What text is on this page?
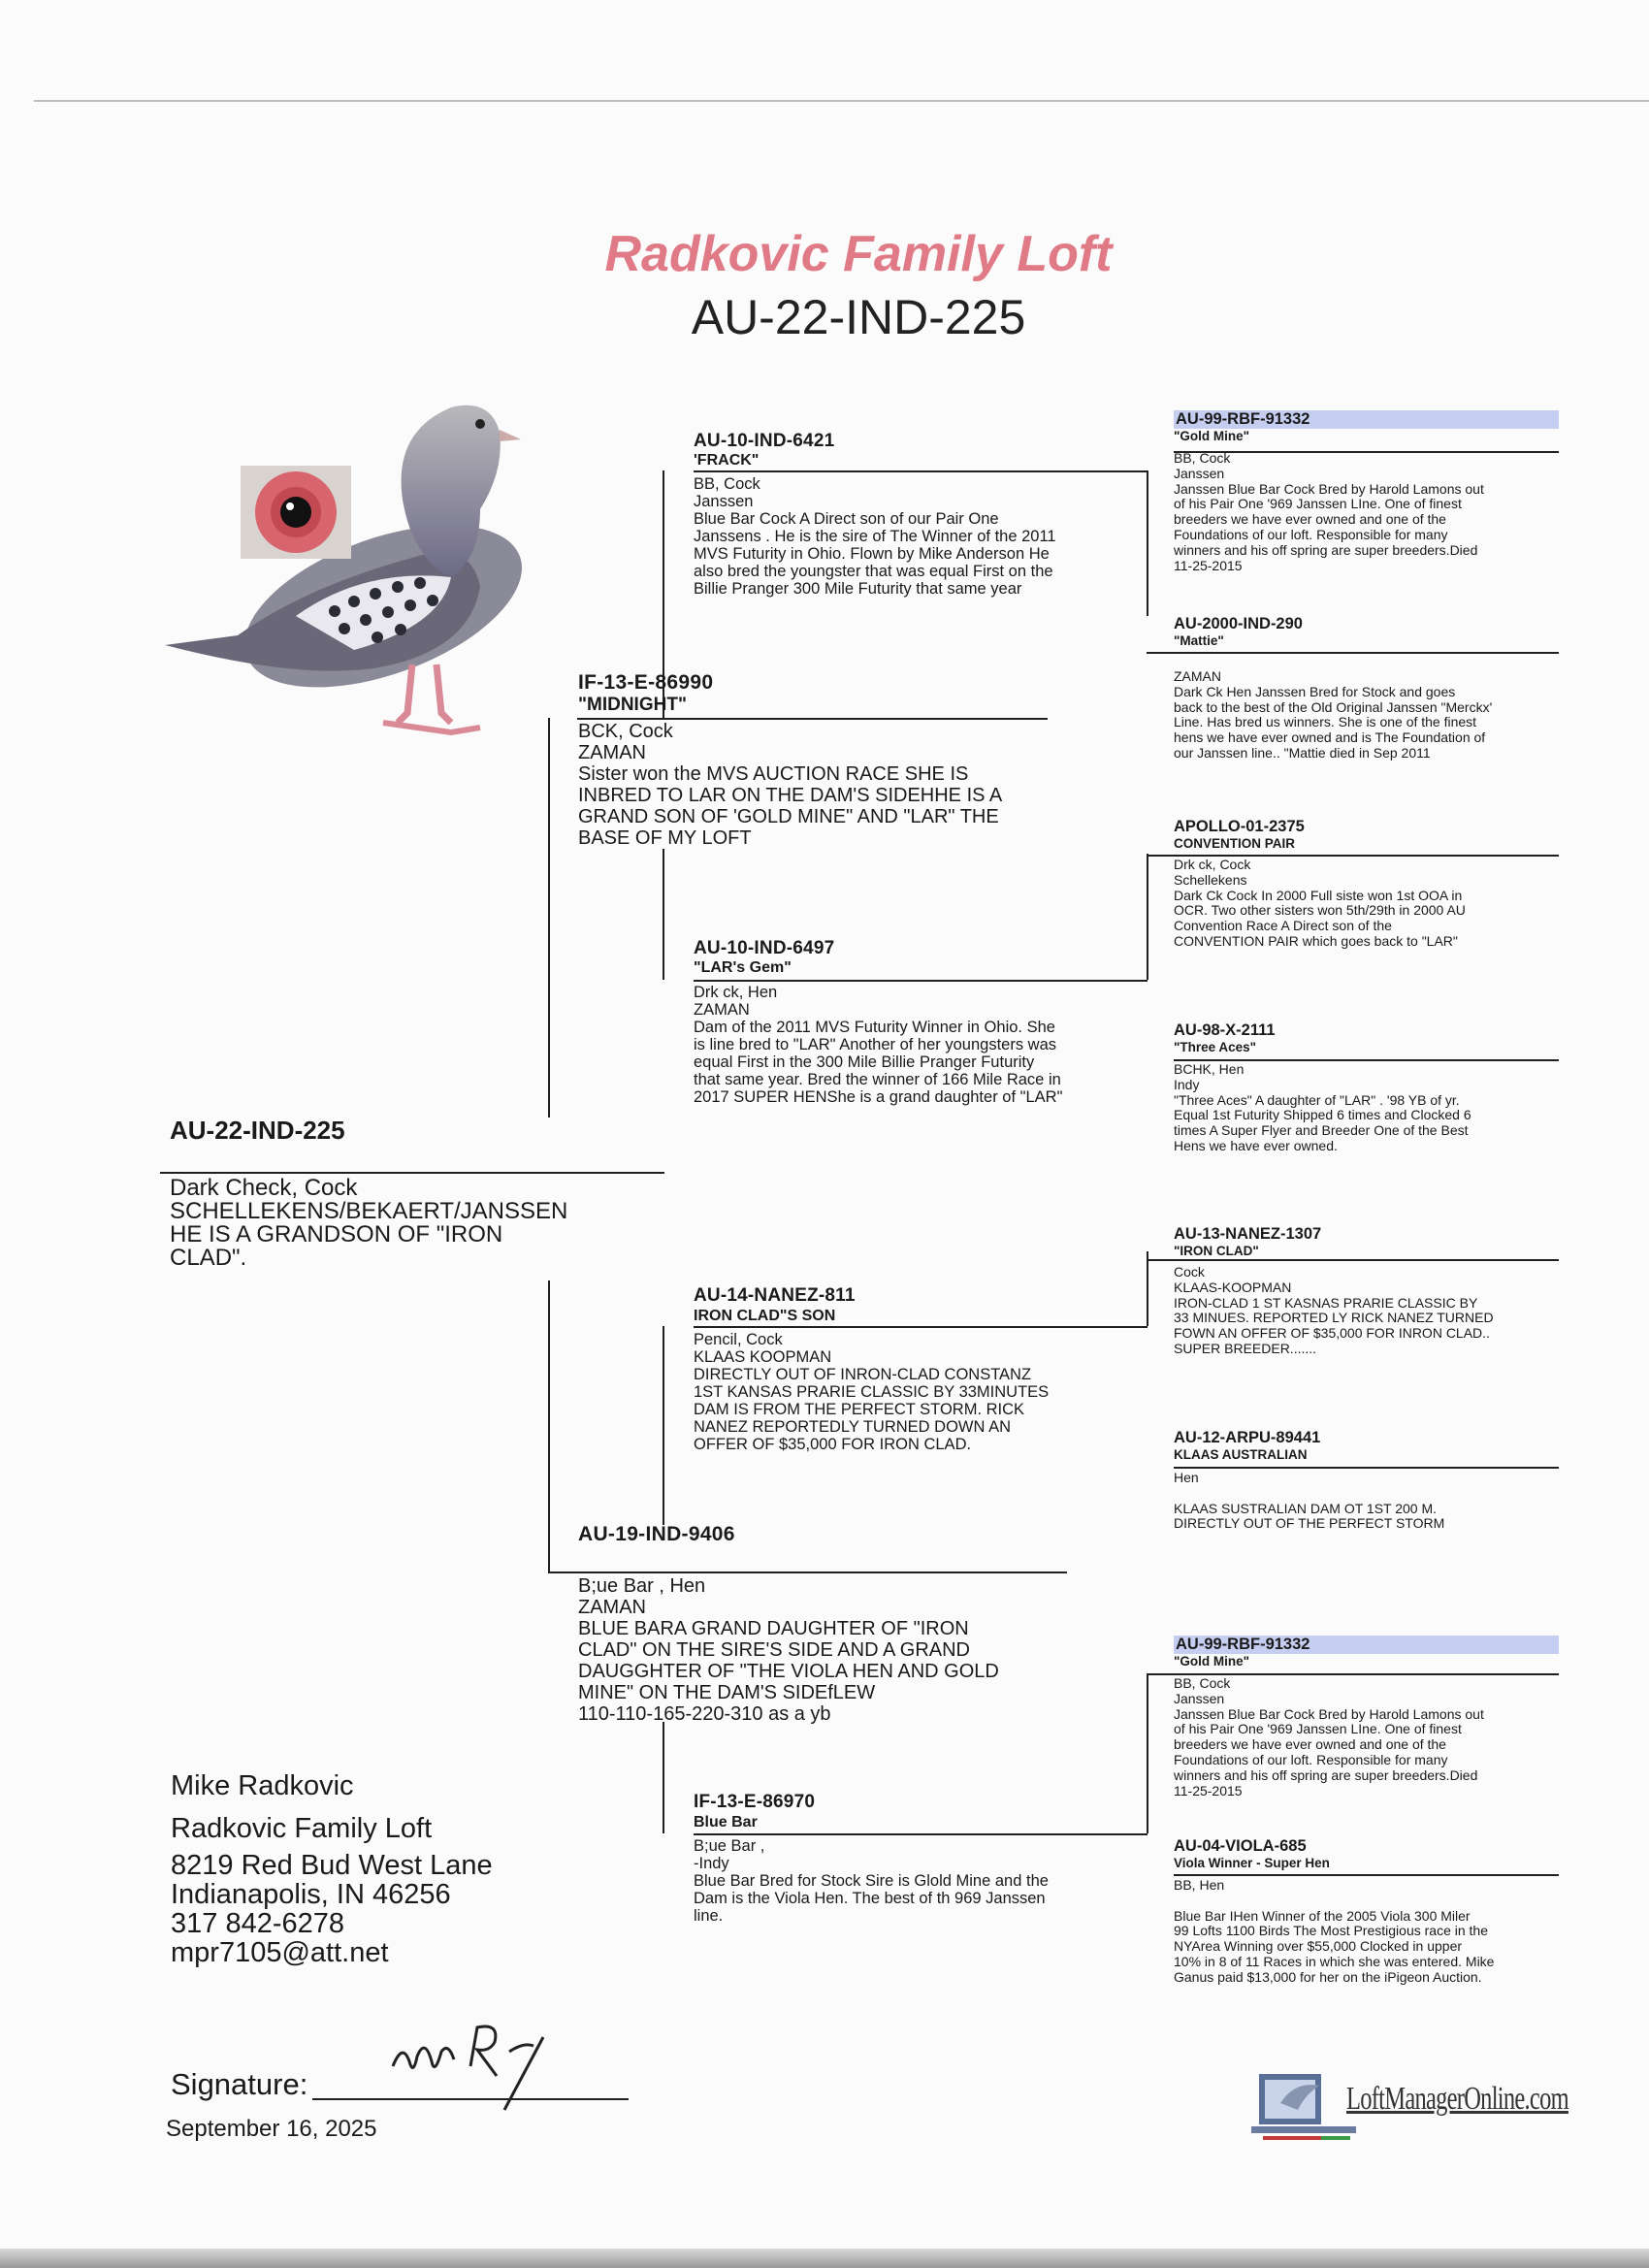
Radkovic Family Loft
AU-22-IND-225
AU-22-IND-225
Dark Check, Cock
SCHELLEKENS/BEKAERT/JANSSEN
HE IS A GRANDSON OF "IRON
CLAD".
IF-13-E-86990
"MIDNIGHT"
BCK, Cock
ZAMAN
Sister won the MVS AUCTION RACE SHE IS
INBRED TO LAR ON THE DAM'S SIDEHHE IS A
GRAND SON OF 'GOLD MINE" AND "LAR" THE
BASE OF MY LOFT
AU-19-IND-9406
B;ue Bar , Hen
ZAMAN
BLUE BARA GRAND DAUGHTER OF "IRON
CLAD" ON THE SIRE'S SIDE AND A GRAND
DAUGGHTER OF "THE VIOLA HEN AND GOLD
MINE" ON THE DAM'S SIDEfLEW
110-110-165-220-310 as a yb
AU-10-IND-6421
'FRACK"
BB, Cock
Janssen
Blue Bar Cock A Direct son of our Pair One
Janssens . He is the sire of The Winner of the 2011
MVS Futurity in Ohio. Flown by Mike Anderson He
also bred the youngster that was equal First on the
Billie Pranger 300 Mile Futurity that same year
AU-10-IND-6497
"LAR's Gem"
Drk ck, Hen
ZAMAN
Dam of the 2011 MVS Futurity Winner in Ohio. She
is line bred to "LAR" Another of her youngsters was
equal First in the 300 Mile Billie Pranger Futurity
that same year. Bred the winner of 166 Mile Race in
2017 SUPER HENShe is a grand daughter of "LAR"
AU-14-NANEZ-811
IRON CLAD"S SON
Pencil, Cock
KLAAS KOOPMAN
DIRECTLY OUT OF INRON-CLAD CONSTANZ
1ST KANSAS PRARIE CLASSIC BY 33MINUTES
DAM IS FROM THE PERFECT STORM. RICK
NANEZ REPORTEDLY TURNED DOWN AN
OFFER OF $35,000 FOR IRON CLAD.
IF-13-E-86970
Blue Bar
B;ue Bar ,
-Indy
Blue Bar Bred for Stock Sire is Glold Mine and the
Dam is the Viola Hen. The best of th 969 Janssen
line.
AU-99-RBF-91332
"Gold Mine"
BB, Cock
Janssen
Janssen Blue Bar Cock Bred by Harold Lamons out
of his Pair One '969 Janssen LIne. One of finest
breeders we have ever owned and one of the
Foundations of our loft. Responsible for many
winners and his off spring are super breeders.Died
11-25-2015
AU-2000-IND-290
"Mattie"
ZAMAN
Dark Ck Hen Janssen Bred for Stock and goes
back to the best of the Old Original Janssen "Merckx'
Line. Has bred us winners. She is one of the finest
hens we have ever owned and is The Foundation of
our Janssen line.. "Mattie died in Sep 2011
APOLLO-01-2375
CONVENTION PAIR
Drk ck, Cock
Schellekens
Dark Ck Cock In 2000 Full siste won 1st OOA in
OCR. Two other sisters won 5th/29th in 2000 AU
Convention Race A Direct son of the
CONVENTION PAIR which goes back to "LAR"
AU-98-X-2111
"Three Aces"
BCHK, Hen
Indy
"Three Aces" A daughter of "LAR" . '98 YB of yr.
Equal 1st Futurity Shipped 6 times and Clocked 6
times A Super Flyer and Breeder One of the Best
Hens we have ever owned.
AU-13-NANEZ-1307
"IRON CLAD"
Cock
KLAAS-KOOPMAN
IRON-CLAD 1 ST KASNAS PRARIE CLASSIC BY
33 MINUES. REPORTED LY RICK NANEZ TURNED
FOWN AN OFFER OF $35,000 FOR INRON CLAD..
SUPER BREEDER.......
AU-12-ARPU-89441
KLAAS AUSTRALIAN
Hen
KLAAS SUSTRALIAN DAM OT 1ST 200 M.
DIRECTLY OUT OF THE PERFECT STORM
AU-99-RBF-91332
"Gold Mine"
BB, Cock
Janssen
Janssen Blue Bar Cock Bred by Harold Lamons out
of his Pair One '969 Janssen LIne. One of finest
breeders we have ever owned and one of the
Foundations of our loft. Responsible for many
winners and his off spring are super breeders.Died
11-25-2015
AU-04-VIOLA-685
Viola Winner - Super Hen
BB, Hen
Blue Bar IHen Winner of the 2005 Viola 300 Miler
99 Lofts 1100 Birds The Most Prestigious race in the
NYArea Winning over $55,000 Clocked in upper
10% in 8 of 11 Races in which she was entered. Mike
Ganus paid $13,000 for her on the iPigeon Auction.
Mike Radkovic
Radkovic Family Loft
8219 Red Bud West Lane
Indianapolis, IN 46256
317 842-6278
mpr7105@att.net
Signature:
September 16, 2025
LoftManagerOnline.com
